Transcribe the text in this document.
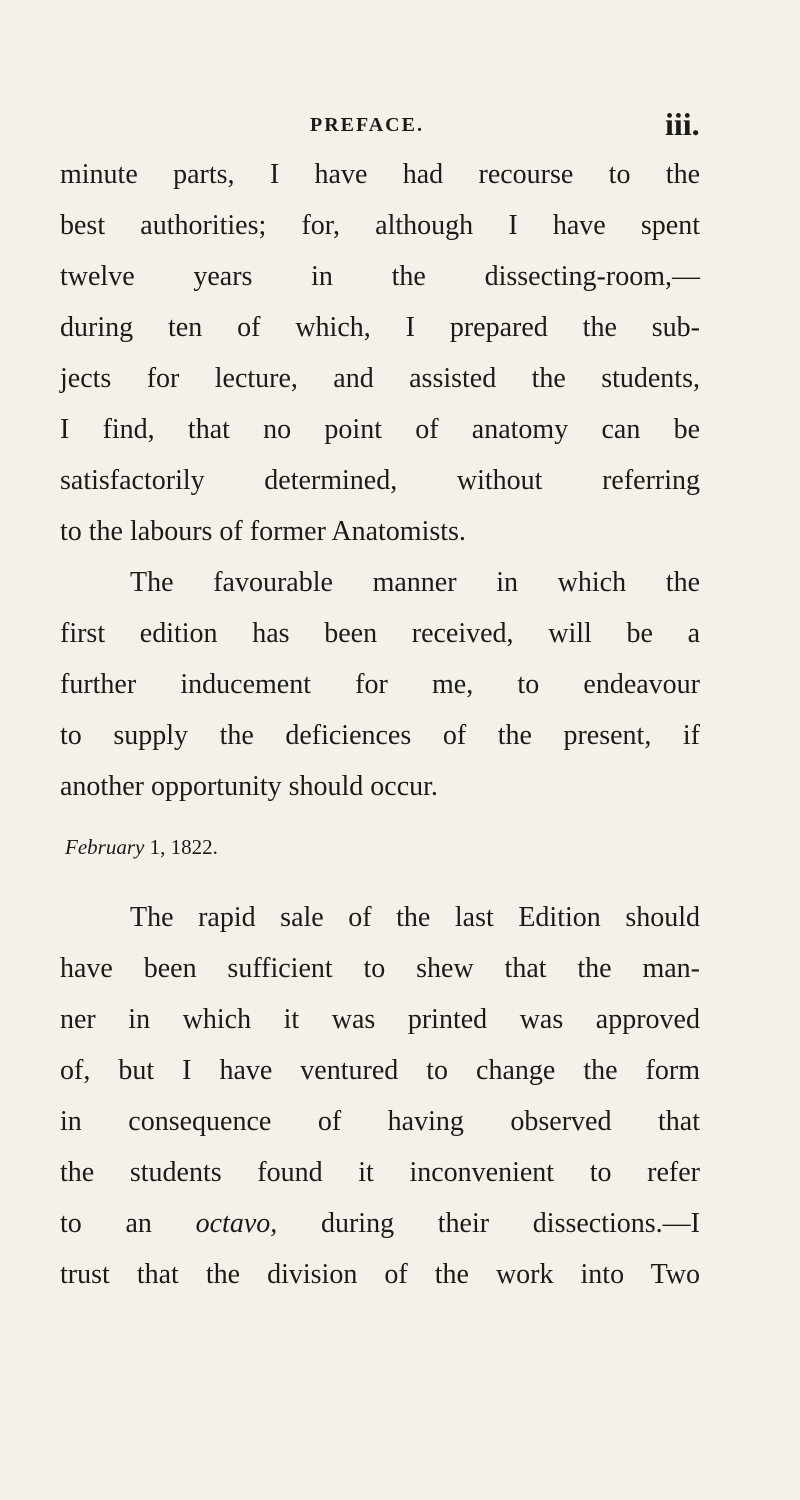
PREFACE.	iii.
minute parts, I have had recourse to the
best authorities; for, although I have spent
twelve years in the dissecting-room,—
during ten of which, I prepared the sub-
jects for lecture, and assisted the students,
I find, that no point of anatomy can be
satisfactorily determined, without referring
to the labours of former Anatomists.
The favourable manner in which the
first edition has been received, will be a
further inducement for me, to endeavour
to supply the deficiences of the present, if
another opportunity should occur.
February 1, 1822.
The rapid sale of the last Edition should
have been sufficient to shew that the man-
ner in which it was printed was approved
of, but I have ventured to change the form
in consequence of having observed that
the students found it inconvenient to refer
to an octavo, during their dissections.—I
trust that the division of the work into Two
